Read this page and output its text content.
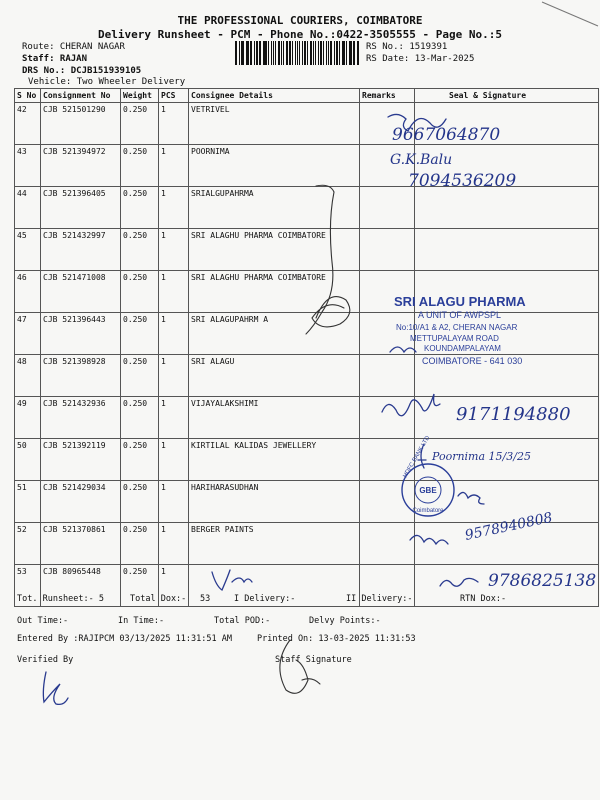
THE PROFESSIONAL COURIERS, COIMBATORE
Delivery Runsheet - PCM - Phone No.:0422-3505555 - Page No.:5
Route: CHERAN NAGAR
Staff: RAJAN
DRS No.: DCJB151939105
Vehicle: Two Wheeler Delivery
RS No.: 1519391
RS Date: 13-Mar-2025
S No	Consignment No	Weight	PCS	Consignee Details	Remarks	Seal & Signature
42	CJB 521501290	0.250	1	VETRIVEL		
43	CJB 521394972	0.250	1	POORNIMA		
44	CJB 521396405	0.250	1	SRIALGUPAHRMA		
45	CJB 521432997	0.250	1	SRI ALAGHU PHARMA COIMBATORE		
46	CJB 521471008	0.250	1	SRI ALAGHU PHARMA COIMBATORE		
47	CJB 521396443	0.250	1	SRI ALAGUPAHRM A		
48	CJB 521398928	0.250	1	SRI ALAGU		
49	CJB 521432936	0.250	1	VIJAYALAKSHIMI		
50	CJB 521392119	0.250	1	KIRTILAL KALIDAS JEWELLERY		
51	CJB 521429034	0.250	1	HARIHARASUDHAN		
52	CJB 521370861	0.250	1	BERGER PAINTS		
53	CJB 80965448	0.250	1			
Tot. Runsheet:- 5	Total Dox:- 53	I Delivery:-	II Delivery:-	RTN Dox:-
Out Time:-	In Time:-	Total POD:-	Delvy Points:-
Entered By :RAJIPCM 03/13/2025 11:31:51 AM	Printed On: 13-03-2025 11:31:53
Verified By	Staff Signature
9667064870
G.K.Balu
7094536209
SRI ALAGU PHARMA
A UNIT OF AWPSPL
No:10/A1 & A2, CHERAN NAGAR
METTUPALAYAM ROAD
KOUNDAMPALAYAM
COIMBATORE - 641 030
9171194880
Poornima 15/3/25
GBE
HDFC BANK LTD
Coimbatore 9578940808
9786825138
